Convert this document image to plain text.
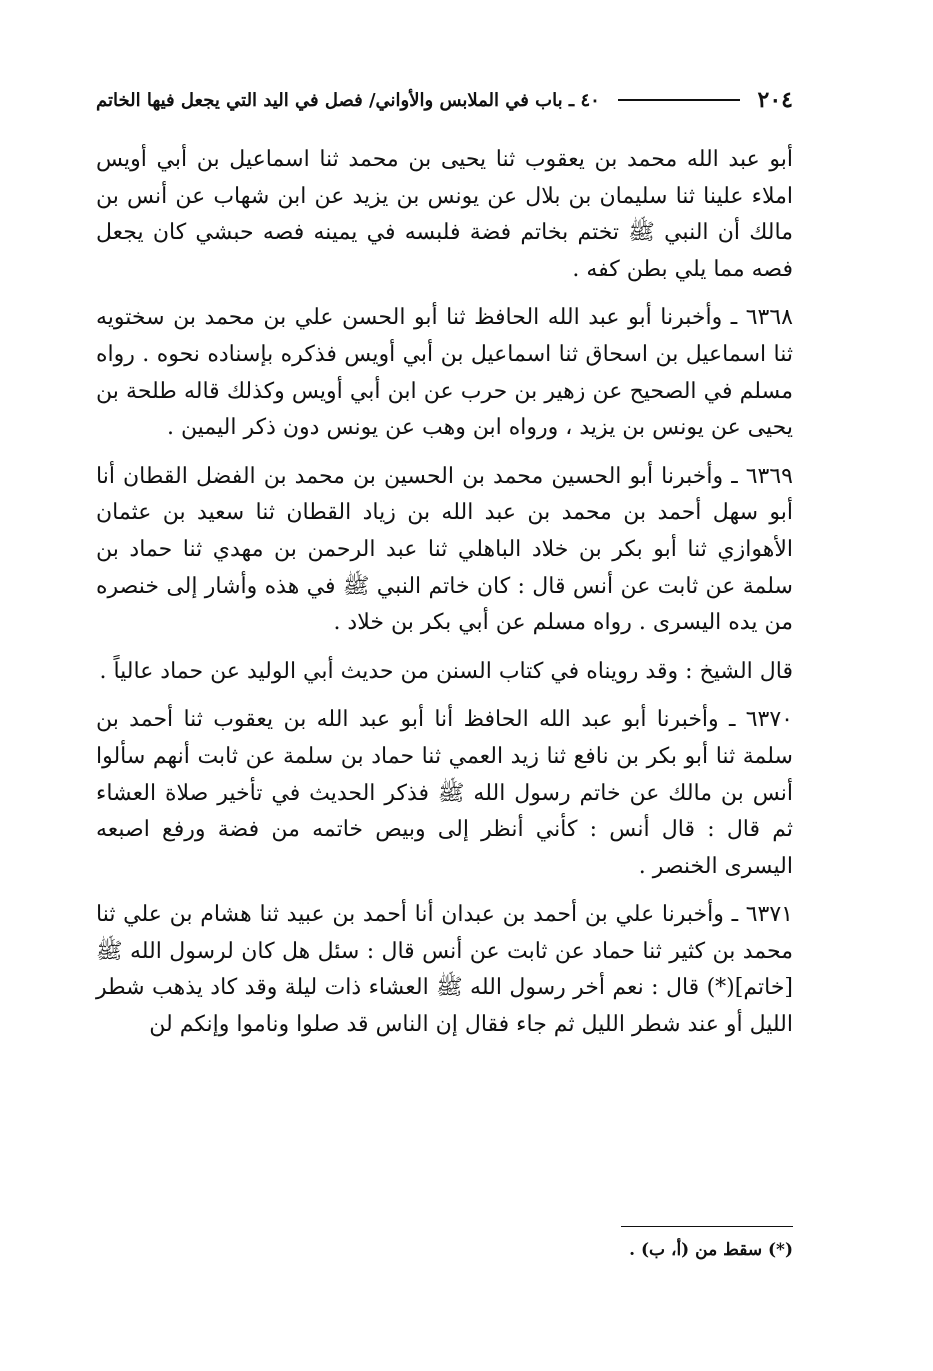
٢٠٤
٤٠ ـ باب في الملابس والأواني/ فصل في اليد التي يجعل فيها الخاتم

أبو عبد الله محمد بن يعقوب ثنا يحيى بن محمد ثنا اسماعيل بن أبي أويس املاء علينا ثنا سليمان بن بلال عن يونس بن يزيد عن ابن شهاب عن أنس بن مالك أن النبي ﷺ تختم بخاتم فضة فلبسه في يمينه فصه حبشي كان يجعل فصه مما يلي بطن كفه .

٦٣٦٨ ـ وأخبرنا أبو عبد الله الحافظ ثنا أبو الحسن علي بن محمد بن سختويه ثنا اسماعيل بن اسحاق ثنا اسماعيل بن أبي أويس فذكره بإسناده نحوه . رواه مسلم في الصحيح عن زهير بن حرب عن ابن أبي أويس وكذلك قاله طلحة بن يحيى عن يونس بن يزيد ، ورواه ابن وهب عن يونس دون ذكر اليمين .

٦٣٦٩ ـ وأخبرنا أبو الحسين محمد بن الحسين بن محمد بن الفضل القطان أنا أبو سهل أحمد بن محمد بن عبد الله بن زياد القطان ثنا سعيد بن عثمان الأهوازي ثنا أبو بكر بن خلاد الباهلي ثنا عبد الرحمن بن مهدي ثنا حماد بن سلمة عن ثابت عن أنس قال : كان خاتم النبي ﷺ في هذه وأشار إلى خنصره من يده اليسرى . رواه مسلم عن أبي بكر بن خلاد .

قال الشيخ : وقد رويناه في كتاب السنن من حديث أبي الوليد عن حماد عالياً .

٦٣٧٠ ـ وأخبرنا أبو عبد الله الحافظ أنا أبو عبد الله بن يعقوب ثنا أحمد بن سلمة ثنا أبو بكر بن نافع ثنا زيد العمي ثنا حماد بن سلمة عن ثابت أنهم سألوا أنس بن مالك عن خاتم رسول الله ﷺ فذكر الحديث في تأخير صلاة العشاء ثم قال : قال أنس : كأني أنظر إلى وبيص خاتمه من فضة ورفع اصبعه اليسرى الخنصر .

٦٣٧١ ـ وأخبرنا علي بن أحمد بن عبدان أنا أحمد بن عبيد ثنا هشام بن علي ثنا محمد بن كثير ثنا حماد عن ثابت عن أنس قال : سئل هل كان لرسول الله ﷺ [خاتم](*) قال : نعم أخر رسول الله ﷺ العشاء ذات ليلة وقد كاد يذهب شطر الليل أو عند شطر الليل ثم جاء فقال إن الناس قد صلوا وناموا وإنكم لن

(*) سقط من (أ، ب) .
